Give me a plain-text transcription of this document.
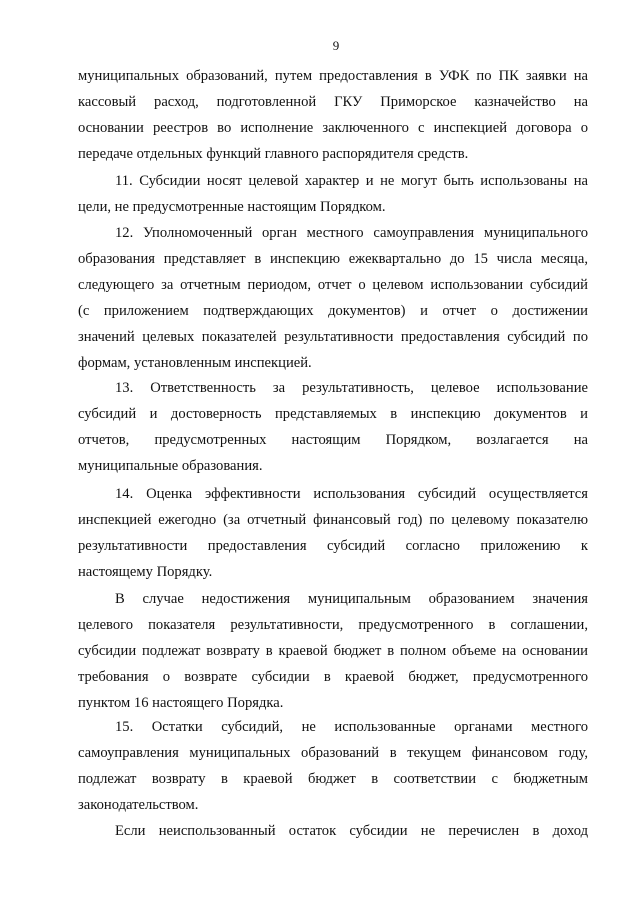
9
муниципальных образований, путем предоставления в УФК по ПК заявки на
кассовый расход, подготовленной ГКУ Приморское казначейство на
основании реестров во исполнение заключенного с инспекцией договора о
передаче отдельных функций главного распорядителя средств.
11. Субсидии носят целевой характер и не могут быть использованы на
цели, не предусмотренные настоящим Порядком.
12. Уполномоченный орган местного самоуправления муниципального
образования представляет в инспекцию ежеквартально до 15 числа месяца,
следующего за отчетным периодом, отчет о целевом использовании субсидий
(с приложением подтверждающих документов) и отчет о достижении
значений целевых показателей результативности предоставления субсидий по
формам, установленным инспекцией.
13. Ответственность за результативность, целевое использование
субсидий и достоверность представляемых в инспекцию документов и
отчетов, предусмотренных настоящим Порядком, возлагается на
муниципальные образования.
14. Оценка эффективности использования субсидий осуществляется
инспекцией ежегодно (за отчетный финансовый год) по целевому показателю
результативности предоставления субсидий согласно приложению к
настоящему Порядку.
В случае недостижения муниципальным образованием значения
целевого показателя результативности, предусмотренного в соглашении,
субсидии подлежат возврату в краевой бюджет в полном объеме на основании
требования о возврате субсидии в краевой бюджет, предусмотренного
пунктом 16 настоящего Порядка.
15. Остатки субсидий, не использованные органами местного
самоуправления муниципальных образований в текущем финансовом году,
подлежат возврату в краевой бюджет в соответствии с бюджетным
законодательством.
Если неиспользованный остаток субсидии не перечислен в доход
